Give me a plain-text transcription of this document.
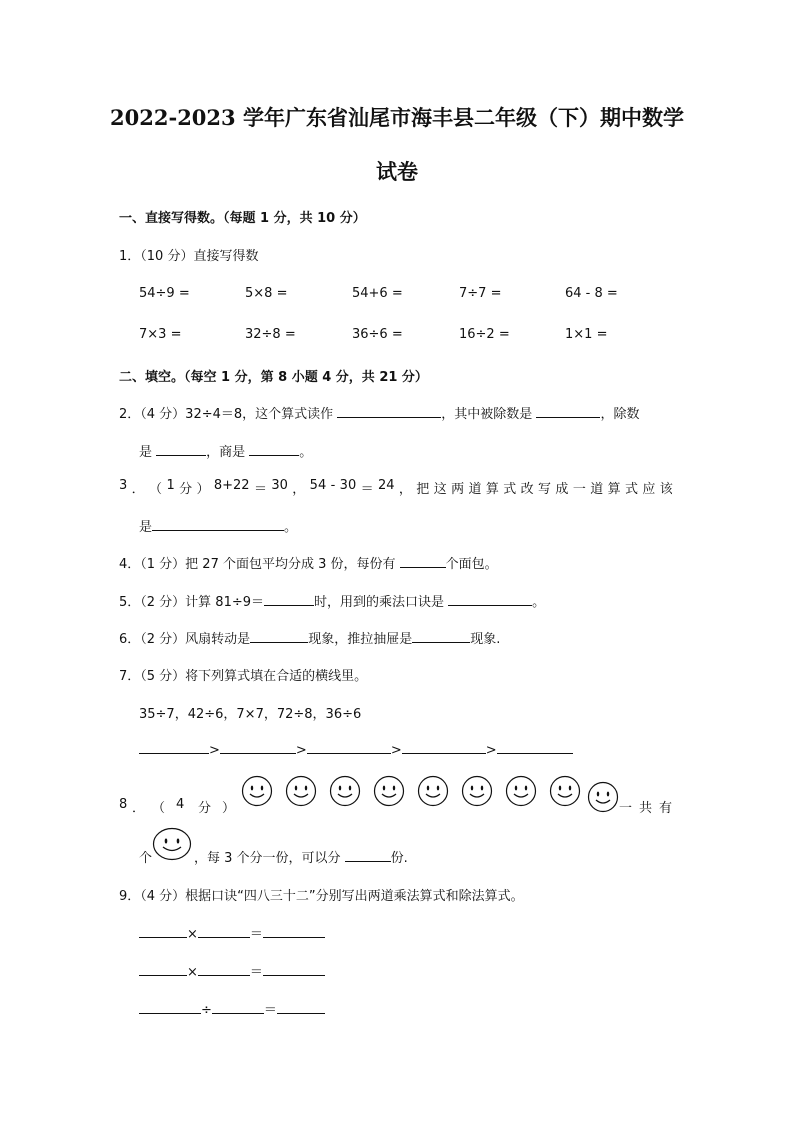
2022-2023 学年广东省汕尾市海丰县二年级（下）期中数学
试卷
一、直接写得数。（每题 1 分，共 10 分）
1．（10 分）直接写得数
54÷9 =	5×8 =	54+6 =	7÷7 =	64 - 8 =
7×3 =	32÷8 =	36÷6 =	16÷2 =	1×1 =
二、填空。（每空 1 分，第 8 小题 4 分，共 21 分）
2．（4 分）32÷4＝8，这个算式读作	，其中被除数是	，除数
是	，商是	。
3 ． （ 1 分 ） 8+22 ＝ 30 ， 54 - 30 ＝ 24 ， 把 这 两 道 算 式 改 写 成 一 道 算 式 应 该
是	。
4．（1 分）把 27 个面包平均分成 3 份，每份有	个面包。
5．（2 分）计算 81÷9＝	时，用到的乘法口诀是	。
6．（2 分）风扇转动是	现象，推拉抽屉是	现象.
7．（5 分）将下列算式填在合适的横线里。
35÷7，42÷6，7×7，72÷8，36÷6
>	>	>	>
8 ． （ 4 分 ）	一 共 有
个	，每 3 个分一份，可以分	份.
9．（4 分）根据口诀“四八三十二”分别写出两道乘法算式和除法算式。
×	＝
×	＝
÷	＝
